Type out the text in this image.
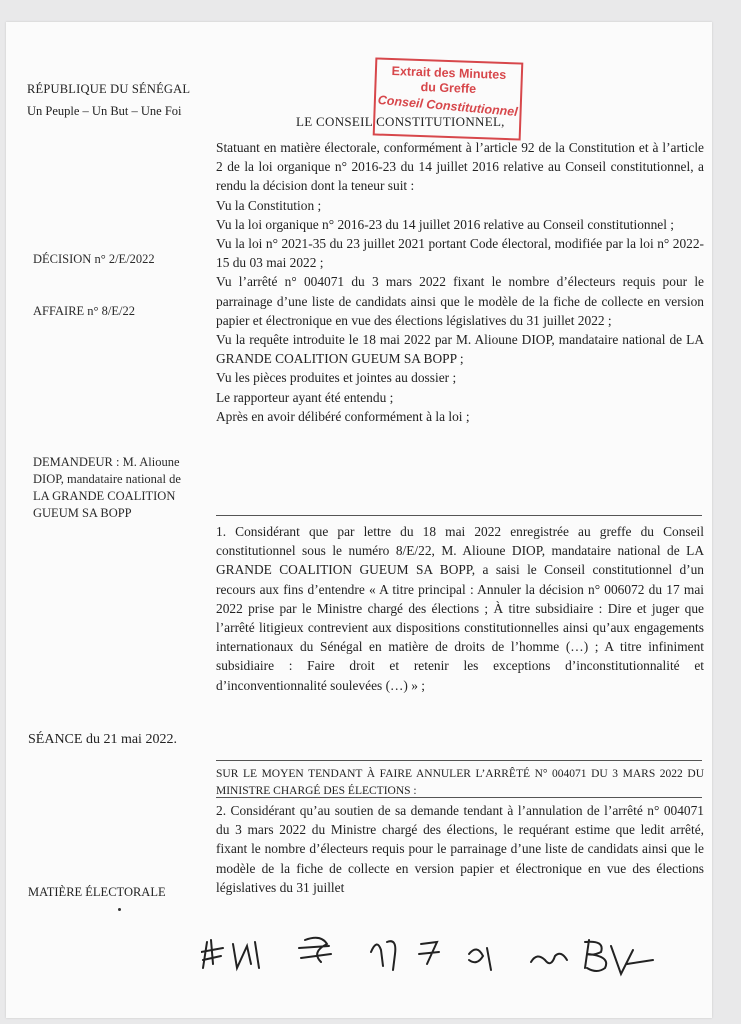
RÉPUBLIQUE DU SÉNÉGAL
Un Peuple – Un But – Une Foi
Extrait des Minutes
du Greffe
Conseil Constitutionnel
LE CONSEIL CONSTITUTIONNEL,
DÉCISION n° 2/E/2022
AFFAIRE n° 8/E/22
DEMANDEUR : M. Alioune DIOP, mandataire national de LA GRANDE COALITION GUEUM SA BOPP
SÉANCE du 21 mai 2022.
MATIÈRE ÉLECTORALE

Statuant en matière électorale, conformément à l’article 92 de la Constitution et à l’article 2 de la loi organique n° 2016-23 du 14 juillet 2016 relative au Conseil constitutionnel, a rendu la décision dont la teneur suit :

Vu la Constitution ;

Vu la loi organique n° 2016-23 du 14 juillet 2016 relative au Conseil constitutionnel ;

Vu la loi n° 2021-35 du 23 juillet 2021 portant Code électoral, modifiée par la loi n° 2022-15 du 03 mai 2022 ;

Vu l’arrêté n° 004071 du 3 mars 2022 fixant le nombre d’électeurs requis pour le parrainage d’une liste de candidats ainsi que le modèle de la fiche de collecte en version papier et électronique en vue des élections législatives du 31 juillet 2022 ;

Vu la requête introduite le 18 mai 2022 par M. Alioune DIOP, mandataire national de LA GRANDE COALITION GUEUM SA BOPP ;

Vu les pièces produites et jointes au dossier ;

Le rapporteur ayant été entendu ;

Après en avoir délibéré conformément à la loi ;

1. Considérant que par lettre du 18 mai 2022 enregistrée au greffe du Conseil constitutionnel sous le numéro 8/E/22, M. Alioune DIOP, mandataire national de LA GRANDE COALITION GUEUM SA BOPP, a saisi le Conseil constitutionnel d’un recours aux fins d’entendre « A titre principal : Annuler la décision n° 006072 du 17 mai 2022 prise par le Ministre chargé des élections ; À titre subsidiaire : Dire et juger que l’arrêté litigieux contrevient aux dispositions constitutionnelles ainsi qu’aux engagements internationaux du Sénégal en matière de droits de l’homme (…) ; A titre infiniment subsidiaire : Faire droit et retenir les exceptions d’inconstitutionnalité et d’inconventionnalité soulevées (…) » ;

SUR LE MOYEN TENDANT À FAIRE ANNULER L’ARRÊTÉ N° 004071 DU 3 MARS 2022 DU MINISTRE CHARGÉ DES ÉLECTIONS :

2. Considérant qu’au soutien de sa demande tendant à l’annulation de l’arrêté n° 004071 du 3 mars 2022 du Ministre chargé des élections, le requérant estime que ledit arrêté, fixant le nombre d’électeurs requis pour le parrainage d’une liste de candidats ainsi que le modèle de la fiche de collecte en version papier et électronique en vue des élections législatives du 31 juillet
